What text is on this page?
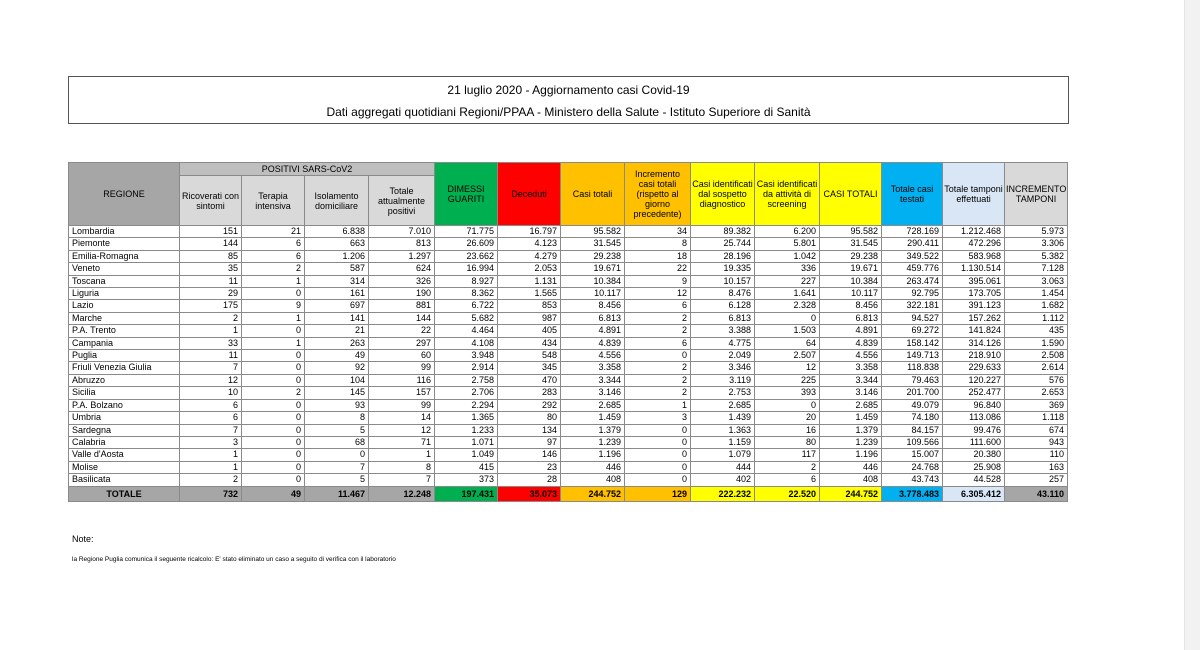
21 luglio 2020 - Aggiornamento casi Covid-19
Dati aggregati quotidiani Regioni/PPAA - Ministero della Salute - Istituto Superiore di Sanità
REGIONE	POSITIVI SARS-CoV2				DIMESSI GUARITI	Deceduti	Casi totali	Incremento casi totali (rispetto al giorno precedente)	Casi identificati dal sospetto diagnostico	Casi identificati da attività di screening	CASI TOTALI	Totale casi testati	Totale tamponi effettuati	INCREMENTO TAMPONI
	Ricoverati con sintomi	Terapia intensiva	Isolamento domiciliare	Totale attualmente positivi										
Lombardia	151	21	6.838	7.010	71.775	16.797	95.582	34	89.382	6.200	95.582	728.169	1.212.468	5.973
Piemonte	144	6	663	813	26.609	4.123	31.545	8	25.744	5.801	31.545	290.411	472.296	3.306
Emilia-Romagna	85	6	1.206	1.297	23.662	4.279	29.238	18	28.196	1.042	29.238	349.522	583.968	5.382
Veneto	35	2	587	624	16.994	2.053	19.671	22	19.335	336	19.671	459.776	1.130.514	7.128
Toscana	11	1	314	326	8.927	1.131	10.384	9	10.157	227	10.384	263.474	395.061	3.063
Liguria	29	0	161	190	8.362	1.565	10.117	12	8.476	1.641	10.117	92.795	173.705	1.454
Lazio	175	9	697	881	6.722	853	8.456	6	6.128	2.328	8.456	322.181	391.123	1.682
Marche	2	1	141	144	5.682	987	6.813	2	6.813	0	6.813	94.527	157.262	1.112
P.A. Trento	1	0	21	22	4.464	405	4.891	2	3.388	1.503	4.891	69.272	141.824	435
Campania	33	1	263	297	4.108	434	4.839	6	4.775	64	4.839	158.142	314.126	1.590
Puglia	11	0	49	60	3.948	548	4.556	0	2.049	2.507	4.556	149.713	218.910	2.508
Friuli Venezia Giulia	7	0	92	99	2.914	345	3.358	2	3.346	12	3.358	118.838	229.633	2.614
Abruzzo	12	0	104	116	2.758	470	3.344	2	3.119	225	3.344	79.463	120.227	576
Sicilia	10	2	145	157	2.706	283	3.146	2	2.753	393	3.146	201.700	252.477	2.653
P.A. Bolzano	6	0	93	99	2.294	292	2.685	1	2.685	0	2.685	49.079	96.840	369
Umbria	6	0	8	14	1.365	80	1.459	3	1.439	20	1.459	74.180	113.086	1.118
Sardegna	7	0	5	12	1.233	134	1.379	0	1.363	16	1.379	84.157	99.476	674
Calabria	3	0	68	71	1.071	97	1.239	0	1.159	80	1.239	109.566	111.600	943
Valle d'Aosta	1	0	0	1	1.049	146	1.196	0	1.079	117	1.196	15.007	20.380	110
Molise	1	0	7	8	415	23	446	0	444	2	446	24.768	25.908	163
Basilicata	2	0	5	7	373	28	408	0	402	6	408	43.743	44.528	257
TOTALE	732	49	11.467	12.248	197.431	35.073	244.752	129	222.232	22.520	244.752	3.778.483	6.305.412	43.110
Note:
la Regione Puglia comunica il seguente ricalcolo: E' stato eliminato un caso a seguito di verifica con il laboratorio
